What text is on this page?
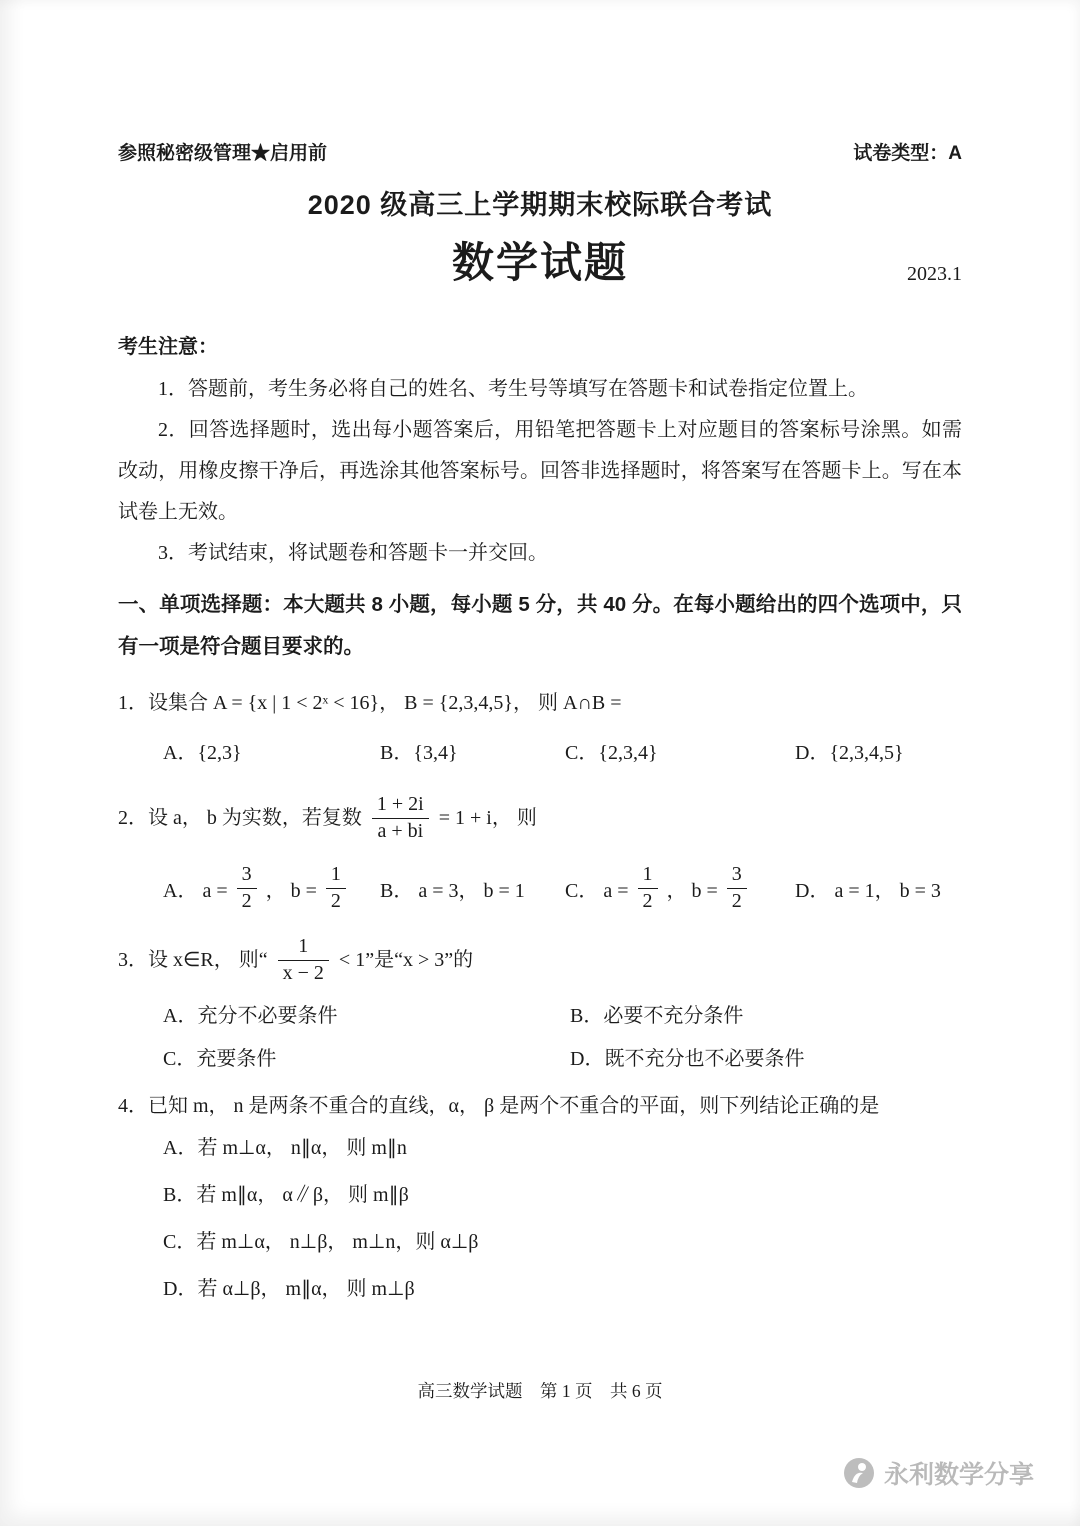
参照秘密级管理★启用前	试卷类型：A
2020 级高三上学期期末校际联合考试
数学试题	2023.1
考生注意：

1．答题前，考生务必将自己的姓名、考生号等填写在答题卡和试卷指定位置上。

2．回答选择题时，选出每小题答案后，用铅笔把答题卡上对应题目的答案标号涂黑。如需改动，用橡皮擦干净后，再选涂其他答案标号。回答非选择题时，将答案写在答题卡上。写在本试卷上无效。

3．考试结束，将试题卷和答题卡一并交回。

一、单项选择题：本大题共 8 小题，每小题 5 分，共 40 分。在每小题给出的四个选项中，只有一项是符合题目要求的。
1．设集合 A = {x | 1 < 2ˣ < 16}， B = {2,3,4,5}， 则 A∩B =
A．{2,3}	B．{3,4}	C．{2,3,4}	D．{2,3,4,5}
2．设 a， b 为实数，若复数 $\frac{1 + 2i}{a + bi} = 1 + i$， 则
A． $a = \frac{3}{2}$ ， $b = \frac{1}{2}$ B． a = 3， b = 1	C． $a = \frac{1}{2}$ ， $b = \frac{3}{2}$ D． a = 1， b = 3
3．设 x∈R， 则“ $\frac{1}{x - 2} < 1$”是“x > 3”的
A．充分不必要条件	B．必要不充分条件
C．充要条件	D．既不充分也不必要条件
4．已知 m， n 是两条不重合的直线，α， β 是两个不重合的平面，则下列结论正确的是
A．若 m⊥α， n∥α， 则 m∥n
B．若 m∥α， α∥β， 则 m∥β
C．若 m⊥α， n⊥β， m⊥n，则 α⊥β
D．若 α⊥β， m∥α， 则 m⊥β
高三数学试题　第 1 页　共 6 页
永利数学分享
